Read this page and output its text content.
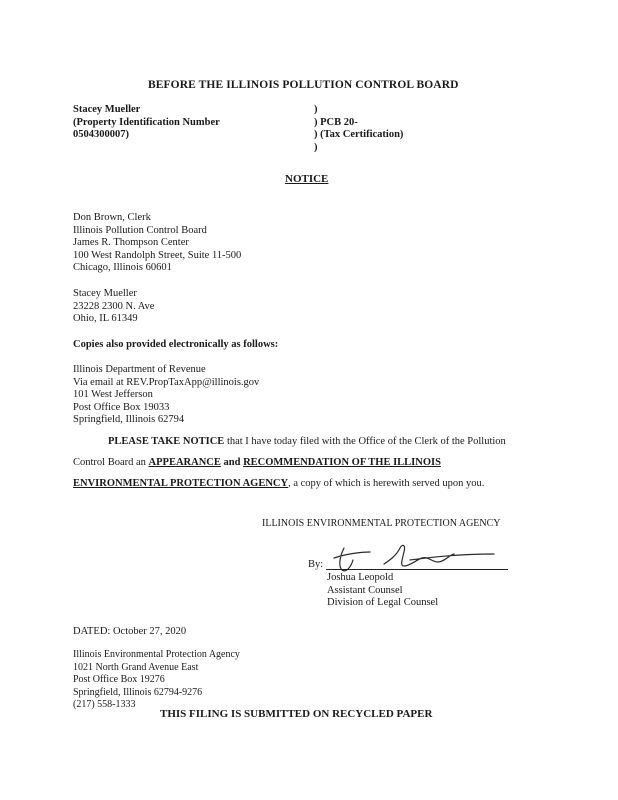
BEFORE THE ILLINOIS POLLUTION CONTROL BOARD
Stacey Mueller
(Property Identification Number
0504300007)
)
) PCB 20-
) (Tax Certification)
)
NOTICE
Don Brown, Clerk
Illinois Pollution Control Board
James R. Thompson Center
100 West Randolph Street, Suite 11-500
Chicago, Illinois 60601
Stacey Mueller
23228 2300 N. Ave
Ohio, IL 61349
Copies also provided electronically as follows:
Illinois Department of Revenue
Via email at REV.PropTaxApp@illinois.gov
101 West Jefferson
Post Office Box 19033
Springfield, Illinois 62794
PLEASE TAKE NOTICE that I have today filed with the Office of the Clerk of the Pollution
Control Board an APPEARANCE and RECOMMENDATION OF THE ILLINOIS
ENVIRONMENTAL PROTECTION AGENCY, a copy of which is herewith served upon you.
ILLINOIS ENVIRONMENTAL PROTECTION AGENCY
By:
Joshua Leopold
Assistant Counsel
Division of Legal Counsel
DATED: October 27, 2020
Illinois Environmental Protection Agency
1021 North Grand Avenue East
Post Office Box 19276
Springfield, Illinois 62794-9276
(217) 558-1333
THIS FILING IS SUBMITTED ON RECYCLED PAPER
